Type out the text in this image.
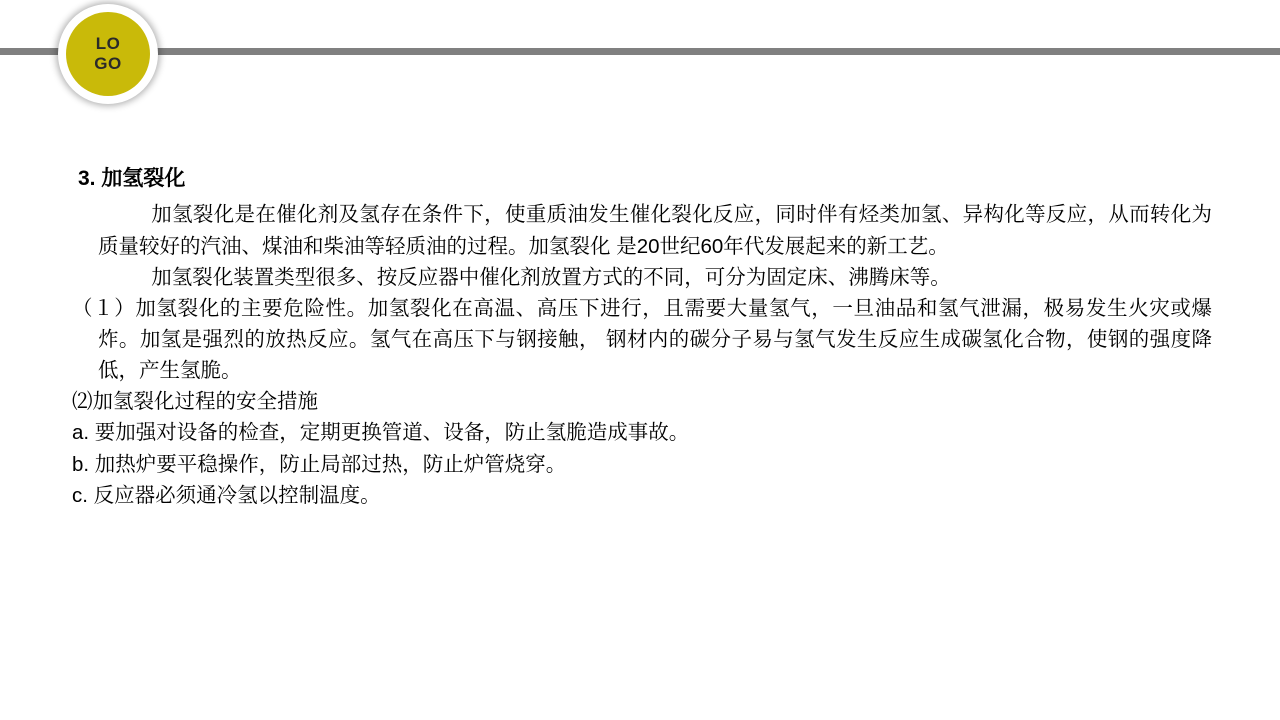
LO
GO
3. 加氢裂化

加氢裂化是在催化剂及氢存在条件下，使重质油发生催化裂化反应，同时伴有烃类加氢、异构化等反应，从而转化为质量较好的汽油、煤油和柴油等轻质油的过程。加氢裂化 是20世纪60年代发展起来的新工艺。

加氢裂化装置类型很多、按反应器中催化剂放置方式的不同，可分为固定床、沸腾床等。

（１）加氢裂化的主要危险性。加氢裂化在高温、高压下进行，且需要大量氢气，一旦油品和氢气泄漏，极易发生火灾或爆炸。加氢是强烈的放热反应。氢气在高压下与钢接触， 钢材内的碳分子易与氢气发生反应生成碳氢化合物，使钢的强度降低，产生氢脆。

⑵加氢裂化过程的安全措施

a. 要加强对设备的检查，定期更换管道、设备，防止氢脆造成事故。

b. 加热炉要平稳操作，防止局部过热，防止炉管烧穿。

c. 反应器必须通冷氢以控制温度。
